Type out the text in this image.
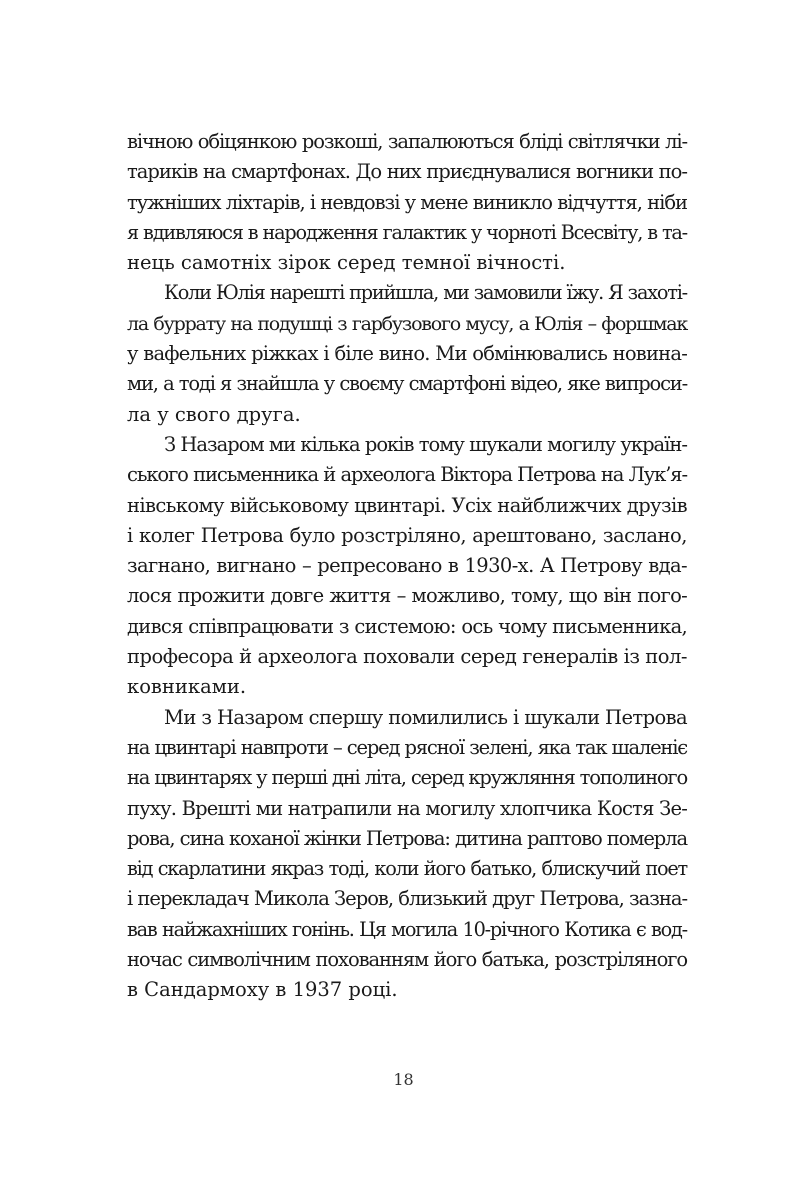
вічною обіцянкою розкоші, запалюються бліді світлячки лі-
тариків на смартфонах. До них приєднувалися вогники по-
тужніших ліхтарів, і невдовзі у мене виникло відчуття, ніби
я вдивляюся в народження галактик у чорноті Всесвіту, в та-
нець самотніх зірок серед темної вічності.
Коли Юлія нарешті прийшла, ми замовили їжу. Я захоті-
ла буррату на подушці з гарбузового мусу, а Юлія – форшмак
у вафельних ріжках і біле вино. Ми обмінювались новина-
ми, а тоді я знайшла у своєму смартфоні відео, яке випроси-
ла у свого друга.
З Назаром ми кілька років тому шукали могилу україн-
ського письменника й археолога Віктора Петрова на Лук’я-
нівському військовому цвинтарі. Усіх найближчих друзів
і колег Петрова було розстріляно, арештовано, заслано,
загнано, вигнано – репресовано в 1930-х. А Петрову вда-
лося прожити довге життя – можливо, тому, що він пого-
дився співпрацювати з системою: ось чому письменника,
професора й археолога поховали серед генералів із пол-
ковниками.
Ми з Назаром спершу помилились і шукали Петрова
на цвинтарі навпроти – серед рясної зелені, яка так шаленіє
на цвинтарях у перші дні літа, серед кружляння тополиного
пуху. Врешті ми натрапили на могилу хлопчика Костя Зе-
рова, сина коханої жінки Петрова: дитина раптово померла
від скарлатини якраз тоді, коли його батько, блискучий поет
і перекладач Микола Зеров, близький друг Петрова, зазна-
вав найжахніших гонінь. Ця могила 10-річного Котика є вод-
ночас символічним похованням його батька, розстріляного
в Сандармоху в 1937 році.
18
